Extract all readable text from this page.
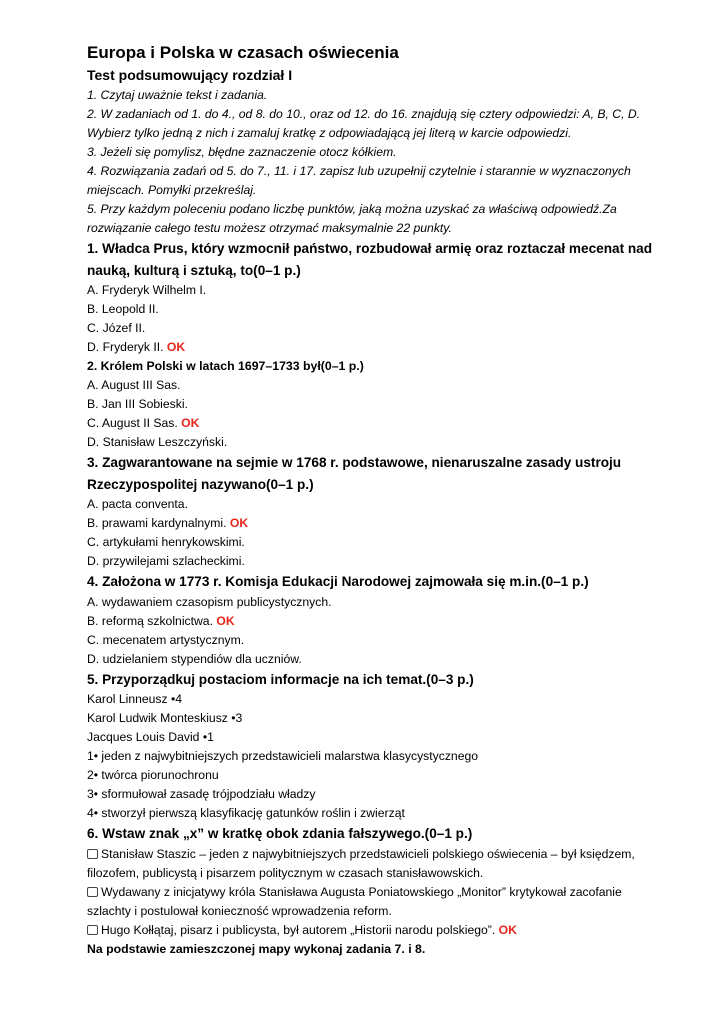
Europa i Polska w czasach oświecenia

Test podsumowujący rozdział I

1. Czytaj uważnie tekst i zadania.

2. W zadaniach od 1. do 4., od 8. do 10., oraz od 12. do 16. znajdują się cztery odpowiedzi: A, B, C, D.

Wybierz tylko jedną z nich i zamaluj kratkę z odpowiadającą jej literą w karcie odpowiedzi.

3. Jeżeli się pomylisz, błędne zaznaczenie otocz kółkiem.

4. Rozwiązania zadań od 5. do 7., 11. i 17. zapisz lub uzupełnij czytelnie i starannie w wyznaczonych

miejscach. Pomyłki przekreślaj.

5. Przy każdym poleceniu podano liczbę punktów, jaką można uzyskać za właściwą odpowiedź.Za

rozwiązanie całego testu możesz otrzymać maksymalnie 22 punkty.

1. Władca Prus, który wzmocnił państwo, rozbudował armię oraz roztaczał mecenat nad

nauką, kulturą i sztuką, to(0–1 p.)

A. Fryderyk Wilhelm I.

B. Leopold II.

C. Józef II.

D. Fryderyk II. OK

2. Królem Polski w latach 1697–1733 był(0–1 p.)

A. August III Sas.

B. Jan III Sobieski.

C. August II Sas. OK

D. Stanisław Leszczyński.

3. Zagwarantowane na sejmie w 1768 r. podstawowe, nienaruszalne zasady ustroju

Rzeczypospolitej nazywano(0–1 p.)

A. pacta conventa.

B. prawami kardynalnymi. OK

C. artykułami henrykowskimi.

D. przywilejami szlacheckimi.

4. Założona w 1773 r. Komisja Edukacji Narodowej zajmowała się m.in.(0–1 p.)

A. wydawaniem czasopism publicystycznych.

B. reformą szkolnictwa. OK

C. mecenatem artystycznym.

D. udzielaniem stypendiów dla uczniów.

5. Przyporządkuj postaciom informacje na ich temat.(0–3 p.)

Karol Linneusz •4

Karol Ludwik Monteskiusz •3

Jacques Louis David •1

1• jeden z najwybitniejszych przedstawicieli malarstwa klasycystycznego

2• twórca piorunochronu

3• sformułował zasadę trójpodziału władzy

4• stworzył pierwszą klasyfikację gatunków roślin i zwierząt

6. Wstaw znak „x” w kratkę obok zdania fałszywego.(0–1 p.)

Stanisław Staszic – jeden z najwybitniejszych przedstawicieli polskiego oświecenia – był księdzem,

filozofem, publicystą i pisarzem politycznym w czasach stanisławowskich.

Wydawany z inicjatywy króla Stanisława Augusta Poniatowskiego „Monitor” krytykował zacofanie

szlachty i postulował konieczność wprowadzenia reform.

Hugo Kołłątaj, pisarz i publicysta, był autorem „Historii narodu polskiego”. OK

Na podstawie zamieszczonej mapy wykonaj zadania 7. i 8.
